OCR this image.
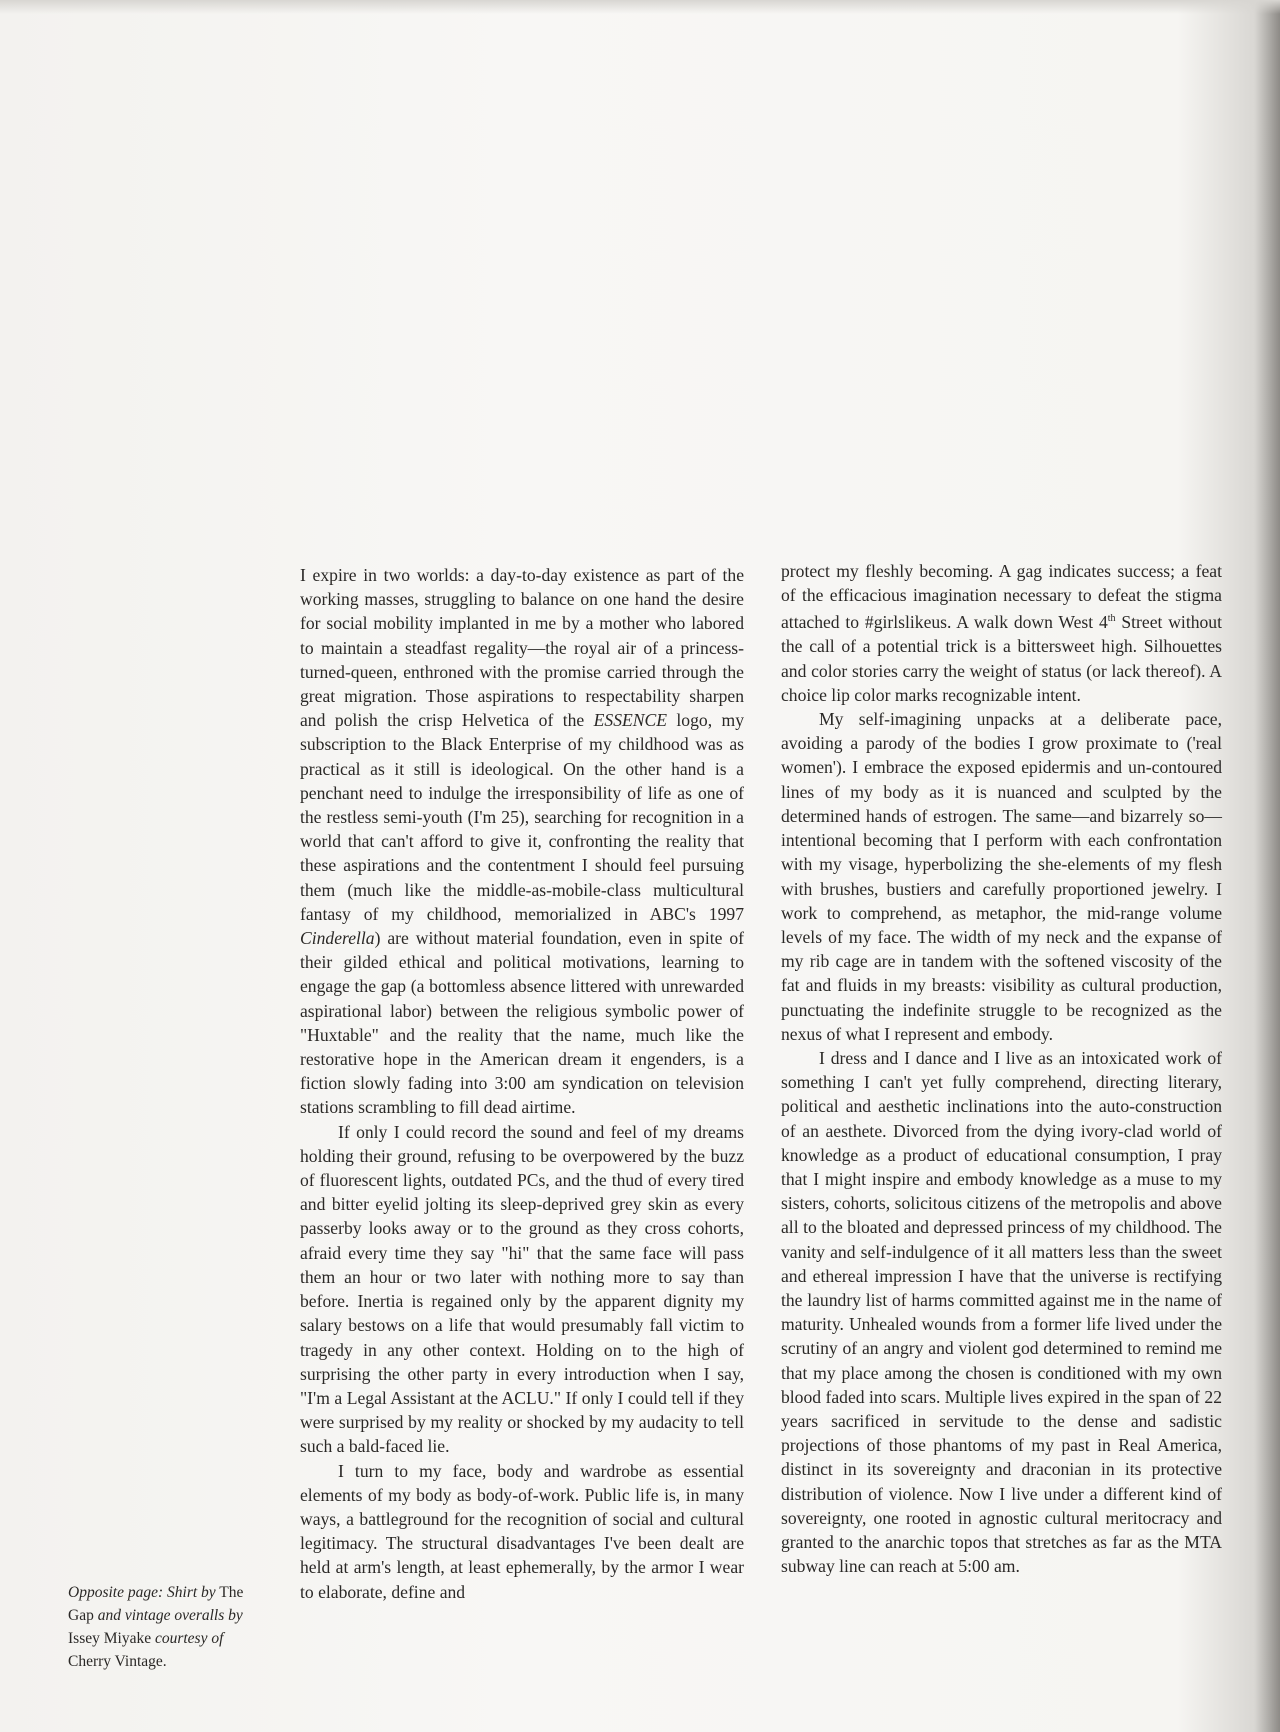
I expire in two worlds: a day-to-day existence as part of the working masses, struggling to balance on one hand the desire for social mobility implanted in me by a mother who labored to maintain a steadfast regality—the royal air of a princess-turned-queen, enthroned with the promise carried through the great migration. Those aspirations to respectability sharpen and polish the crisp Helvetica of the ESSENCE logo, my subscription to the Black Enterprise of my childhood was as practical as it still is ideological. On the other hand is a penchant need to indulge the irresponsibility of life as one of the restless semi-youth (I'm 25), searching for recognition in a world that can't afford to give it, confronting the reality that these aspirations and the contentment I should feel pursuing them (much like the middle-as-mobile-class multicultural fantasy of my childhood, memorialized in ABC's 1997 Cinderella) are without material foundation, even in spite of their gilded ethical and political motivations, learning to engage the gap (a bottomless absence littered with unrewarded aspirational labor) between the religious symbolic power of "Huxtable" and the reality that the name, much like the restorative hope in the American dream it engenders, is a fiction slowly fading into 3:00 am syndication on television stations scrambling to fill dead airtime.

If only I could record the sound and feel of my dreams holding their ground, refusing to be overpowered by the buzz of fluorescent lights, outdated PCs, and the thud of every tired and bitter eyelid jolting its sleep-deprived grey skin as every passerby looks away or to the ground as they cross cohorts, afraid every time they say "hi" that the same face will pass them an hour or two later with nothing more to say than before. Inertia is regained only by the apparent dignity my salary bestows on a life that would presumably fall victim to tragedy in any other context. Holding on to the high of surprising the other party in every introduction when I say, "I'm a Legal Assistant at the ACLU." If only I could tell if they were surprised by my reality or shocked by my audacity to tell such a bald-faced lie.

I turn to my face, body and wardrobe as essential elements of my body as body-of-work. Public life is, in many ways, a battleground for the recognition of social and cultural legitimacy. The structural disadvantages I've been dealt are held at arm's length, at least ephemerally, by the armor I wear to elaborate, define and

protect my fleshly becoming. A gag indicates success; a feat of the efficacious imagination necessary to defeat the stigma attached to #girlslikeus. A walk down West 4th Street without the call of a potential trick is a bittersweet high. Silhouettes and color stories carry the weight of status (or lack thereof). A choice lip color marks recognizable intent.

My self-imagining unpacks at a deliberate pace, avoiding a parody of the bodies I grow proximate to ('real women'). I embrace the exposed epidermis and un-contoured lines of my body as it is nuanced and sculpted by the determined hands of estrogen. The same—and bizarrely so—intentional becoming that I perform with each confrontation with my visage, hyperbolizing the she-elements of my flesh with brushes, bustiers and carefully proportioned jewelry. I work to comprehend, as metaphor, the mid-range volume levels of my face. The width of my neck and the expanse of my rib cage are in tandem with the softened viscosity of the fat and fluids in my breasts: visibility as cultural production, punctuating the indefinite struggle to be recognized as the nexus of what I represent and embody.

I dress and I dance and I live as an intoxicated work of something I can't yet fully comprehend, directing literary, political and aesthetic inclinations into the auto-construction of an aesthete. Divorced from the dying ivory-clad world of knowledge as a product of educational consumption, I pray that I might inspire and embody knowledge as a muse to my sisters, cohorts, solicitous citizens of the metropolis and above all to the bloated and depressed princess of my childhood. The vanity and self-indulgence of it all matters less than the sweet and ethereal impression I have that the universe is rectifying the laundry list of harms committed against me in the name of maturity. Unhealed wounds from a former life lived under the scrutiny of an angry and violent god determined to remind me that my place among the chosen is conditioned with my own blood faded into scars. Multiple lives expired in the span of 22 years sacrificed in servitude to the dense and sadistic projections of those phantoms of my past in Real America, distinct in its sovereignty and draconian in its protective distribution of violence. Now I live under a different kind of sovereignty, one rooted in agnostic cultural meritocracy and granted to the anarchic topos that stretches as far as the MTA subway line can reach at 5:00 am.

Opposite page: Shirt by The Gap and vintage overalls by Issey Miyake courtesy of Cherry Vintage.
